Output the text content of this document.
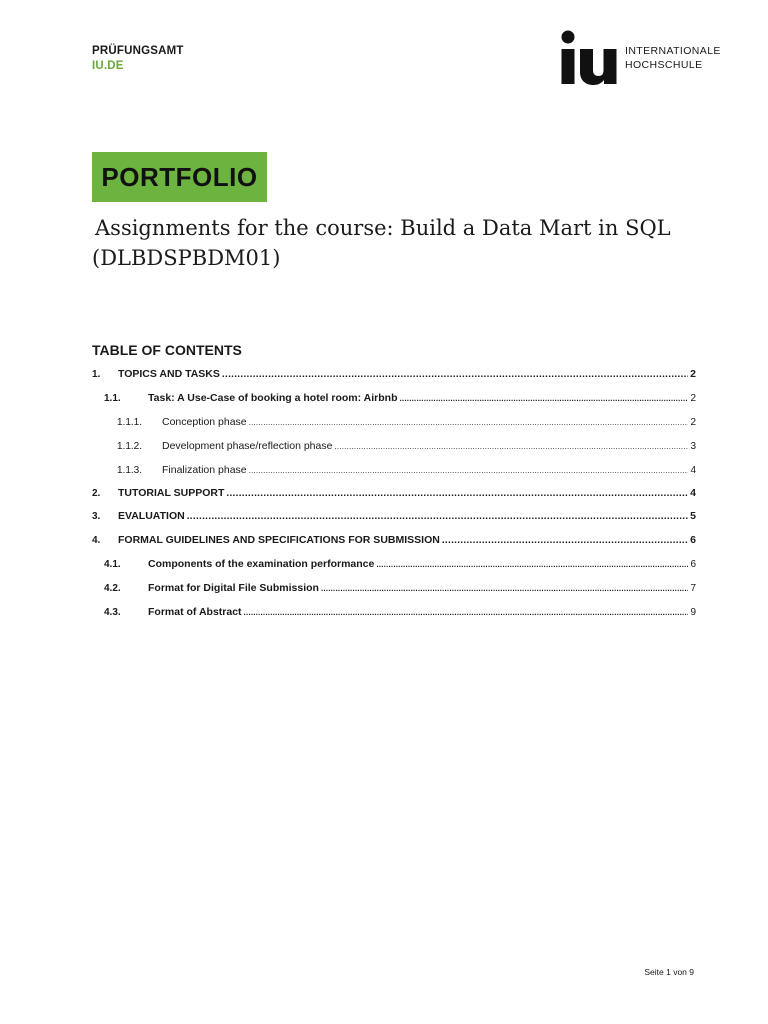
PRÜFUNGSAMT
IU.DE
INTERNATIONALE
HOCHSCHULE
PORTFOLIO
Assignments for the course: Build a Data Mart in SQL
(DLBDSPBDM01)
TABLE OF CONTENTS
1.	TOPICS AND TASKS .....	2
1.1.	Task: A Use-Case of booking a hotel room: Airbnb .....	2
1.1.1.	Conception phase .....	2
1.1.2.	Development phase/reflection phase .....	3
1.1.3.	Finalization phase .....	4
2.	TUTORIAL SUPPORT .....	4
3.	EVALUATION .....	5
4.	FORMAL GUIDELINES AND SPECIFICATIONS FOR SUBMISSION .....	6
4.1.	Components of the examination performance .....	6
4.2.	Format for Digital File Submission .....	7
4.3.	Format of Abstract .....	9
Seite 1 von 9
